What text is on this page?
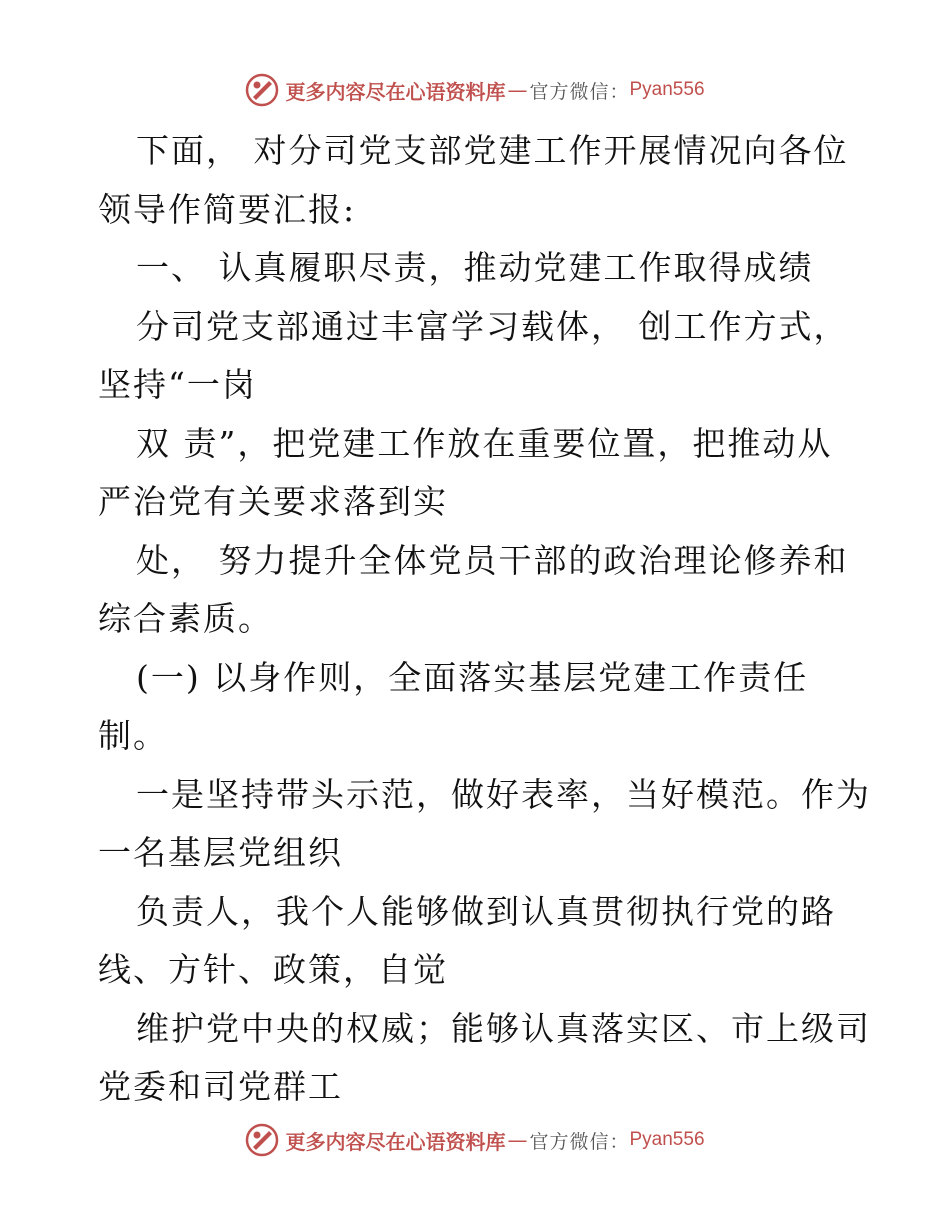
更多内容尽在心语资料库 — 官方微信： Pyan556
下面， 对分司党支部党建工作开展情况向各位
领导作简要汇报:
一、 认真履职尽责，推动党建工作取得成绩
分司党支部通过丰富学习载体， 创工作方式，
坚持“一岗
双 责”，把党建工作放在重要位置，把推动从
严治党有关要求落到实
处， 努力提升全体党员干部的政治理论修养和
综合素质。
(一) 以身作则，全面落实基层党建工作责任
制。
一是坚持带头示范，做好表率，当好模范。作为
一名基层党组织
负责人，我个人能够做到认真贯彻执行党的路
线、方针、政策，自觉
维护党中央的权威；能够认真落实区、市上级司
党委和司党群工
更多内容尽在心语资料库 — 官方微信： Pyan556
